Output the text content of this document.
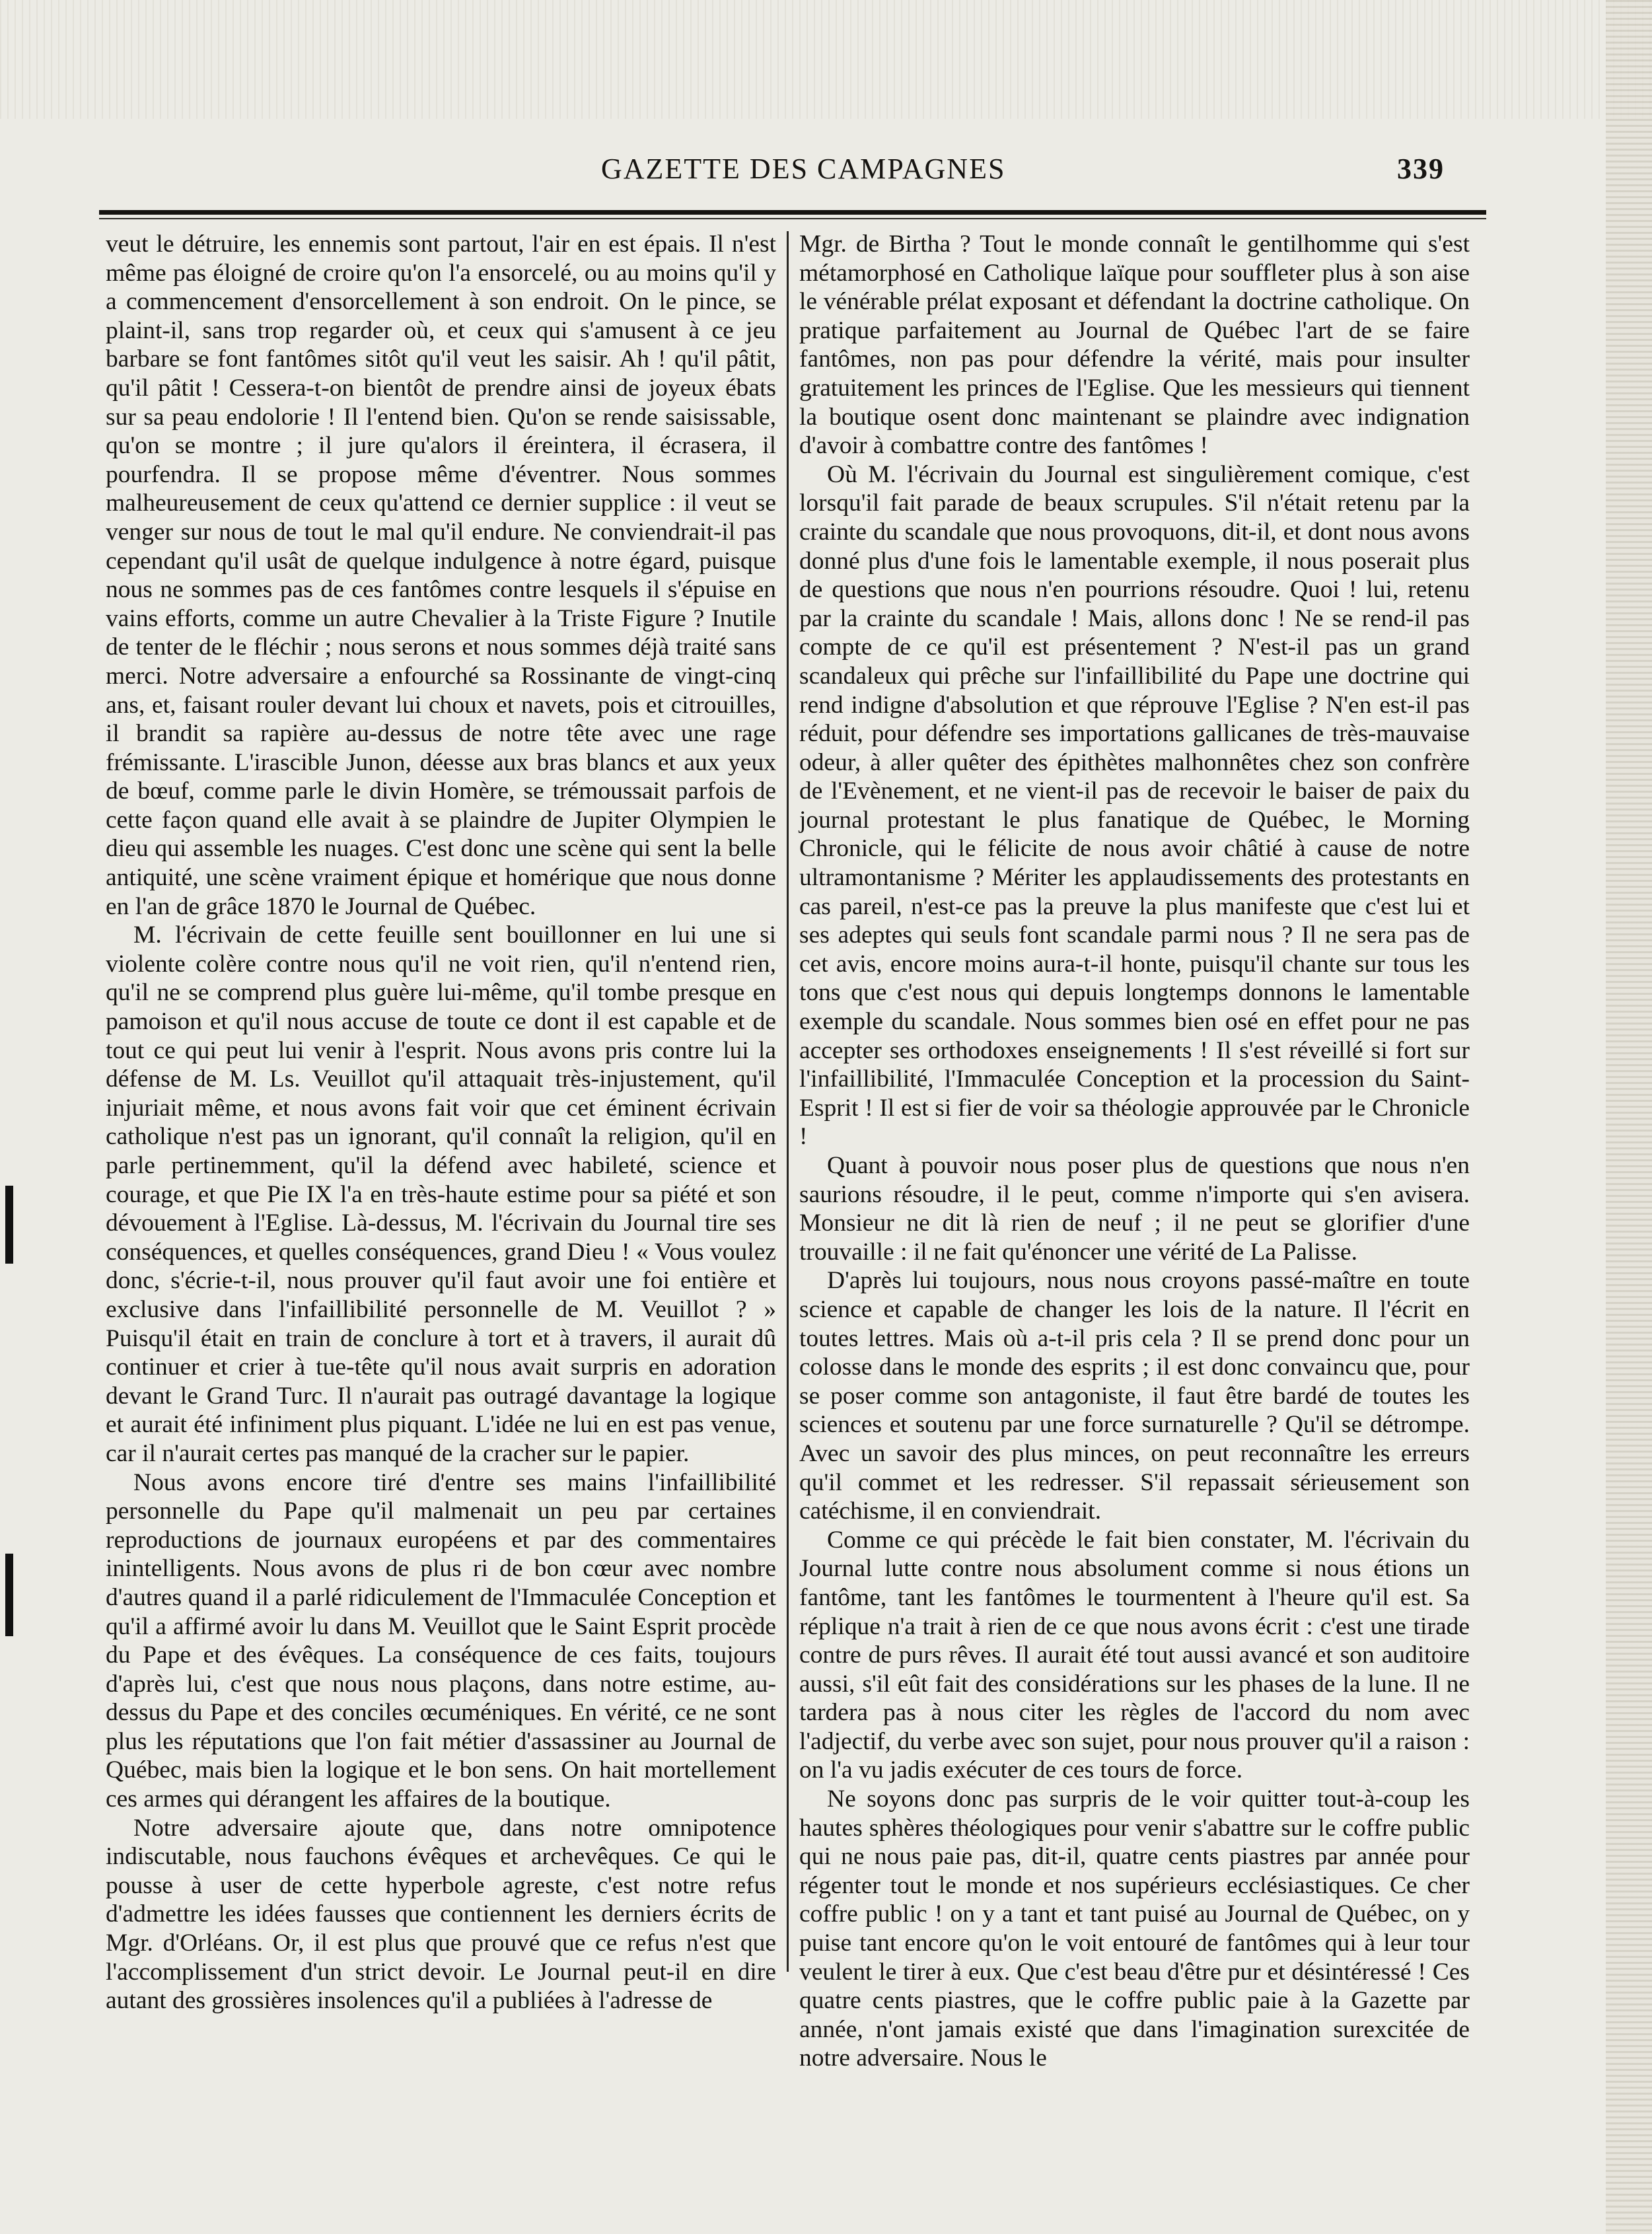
GAZETTE DES CAMPAGNES	339

veut le détruire, les ennemis sont partout, l'air en est épais. Il n'est même pas éloigné de croire qu'on l'a ensorcelé, ou au moins qu'il y a commencement d'ensorcellement à son endroit. On le pince, se plaint-il, sans trop regarder où, et ceux qui s'amusent à ce jeu barbare se font fantômes sitôt qu'il veut les saisir. Ah ! qu'il pâtit, qu'il pâtit ! Cessera-t-on bientôt de prendre ainsi de joyeux ébats sur sa peau endolorie ! Il l'entend bien. Qu'on se rende saisissable, qu'on se montre ; il jure qu'alors il éreintera, il écrasera, il pourfendra. Il se propose même d'éventrer. Nous sommes malheureusement de ceux qu'attend ce dernier supplice : il veut se venger sur nous de tout le mal qu'il endure. Ne conviendrait-il pas cependant qu'il usât de quelque indulgence à notre égard, puisque nous ne sommes pas de ces fantômes contre lesquels il s'épuise en vains efforts, comme un autre Chevalier à la Triste Figure ? Inutile de tenter de le fléchir ; nous serons et nous sommes déjà traité sans merci. Notre adversaire a enfourché sa Rossinante de vingt-cinq ans, et, faisant rouler devant lui choux et navets, pois et citrouilles, il brandit sa rapière au-dessus de notre tête avec une rage frémissante. L'irascible Junon, déesse aux bras blancs et aux yeux de bœuf, comme parle le divin Homère, se trémoussait parfois de cette façon quand elle avait à se plaindre de Jupiter Olympien le dieu qui assemble les nuages. C'est donc une scène qui sent la belle antiquité, une scène vraiment épique et homérique que nous donne en l'an de grâce 1870 le Journal de Québec.

M. l'écrivain de cette feuille sent bouillonner en lui une si violente colère contre nous qu'il ne voit rien, qu'il n'entend rien, qu'il ne se comprend plus guère lui-même, qu'il tombe presque en pamoison et qu'il nous accuse de toute ce dont il est capable et de tout ce qui peut lui venir à l'esprit. Nous avons pris contre lui la défense de M. Ls. Veuillot qu'il attaquait très-injustement, qu'il injuriait même, et nous avons fait voir que cet éminent écrivain catholique n'est pas un ignorant, qu'il connaît la religion, qu'il en parle pertinemment, qu'il la défend avec habileté, science et courage, et que Pie IX l'a en très-haute estime pour sa piété et son dévouement à l'Eglise. Là-dessus, M. l'écrivain du Journal tire ses conséquences, et quelles conséquences, grand Dieu ! « Vous voulez donc, s'écrie-t-il, nous prouver qu'il faut avoir une foi entière et exclusive dans l'infaillibilité personnelle de M. Veuillot ? » Puisqu'il était en train de conclure à tort et à travers, il aurait dû continuer et crier à tue-tête qu'il nous avait surpris en adoration devant le Grand Turc. Il n'aurait pas outragé davantage la logique et aurait été infiniment plus piquant. L'idée ne lui en est pas venue, car il n'aurait certes pas manqué de la cracher sur le papier.

Nous avons encore tiré d'entre ses mains l'infaillibilité personnelle du Pape qu'il malmenait un peu par certaines reproductions de journaux européens et par des commentaires inintelligents. Nous avons de plus ri de bon cœur avec nombre d'autres quand il a parlé ridiculement de l'Immaculée Conception et qu'il a affirmé avoir lu dans M. Veuillot que le Saint Esprit procède du Pape et des évêques. La conséquence de ces faits, toujours d'après lui, c'est que nous nous plaçons, dans notre estime, au-dessus du Pape et des conciles œcuméniques. En vérité, ce ne sont plus les réputations que l'on fait métier d'assassiner au Journal de Québec, mais bien la logique et le bon sens. On hait mortellement ces armes qui dérangent les affaires de la boutique.

Notre adversaire ajoute que, dans notre omnipotence indiscutable, nous fauchons évêques et archevêques. Ce qui le pousse à user de cette hyperbole agreste, c'est notre refus d'admettre les idées fausses que contiennent les derniers écrits de Mgr. d'Orléans. Or, il est plus que prouvé que ce refus n'est que l'accomplissement d'un strict devoir. Le Journal peut-il en dire autant des grossières insolences qu'il a publiées à l'adresse de

Mgr. de Birtha ? Tout le monde connaît le gentilhomme qui s'est métamorphosé en Catholique laïque pour souffleter plus à son aise le vénérable prélat exposant et défendant la doctrine catholique. On pratique parfaitement au Journal de Québec l'art de se faire fantômes, non pas pour défendre la vérité, mais pour insulter gratuitement les princes de l'Eglise. Que les messieurs qui tiennent la boutique osent donc maintenant se plaindre avec indignation d'avoir à combattre contre des fantômes !

Où M. l'écrivain du Journal est singulièrement comique, c'est lorsqu'il fait parade de beaux scrupules. S'il n'était retenu par la crainte du scandale que nous provoquons, dit-il, et dont nous avons donné plus d'une fois le lamentable exemple, il nous poserait plus de questions que nous n'en pourrions résoudre. Quoi ! lui, retenu par la crainte du scandale ! Mais, allons donc ! Ne se rend-il pas compte de ce qu'il est présentement ? N'est-il pas un grand scandaleux qui prêche sur l'infaillibilité du Pape une doctrine qui rend indigne d'absolution et que réprouve l'Eglise ? N'en est-il pas réduit, pour défendre ses importations gallicanes de très-mauvaise odeur, à aller quêter des épithètes malhonnêtes chez son confrère de l'Evènement, et ne vient-il pas de recevoir le baiser de paix du journal protestant le plus fanatique de Québec, le Morning Chronicle, qui le félicite de nous avoir châtié à cause de notre ultramontanisme ? Mériter les applaudissements des protestants en cas pareil, n'est-ce pas la preuve la plus manifeste que c'est lui et ses adeptes qui seuls font scandale parmi nous ? Il ne sera pas de cet avis, encore moins aura-t-il honte, puisqu'il chante sur tous les tons que c'est nous qui depuis longtemps donnons le lamentable exemple du scandale. Nous sommes bien osé en effet pour ne pas accepter ses orthodoxes enseignements ! Il s'est réveillé si fort sur l'infaillibilité, l'Immaculée Conception et la procession du Saint-Esprit ! Il est si fier de voir sa théologie approuvée par le Chronicle !

Quant à pouvoir nous poser plus de questions que nous n'en saurions résoudre, il le peut, comme n'importe qui s'en avisera. Monsieur ne dit là rien de neuf ; il ne peut se glorifier d'une trouvaille : il ne fait qu'énoncer une vérité de La Palisse.

D'après lui toujours, nous nous croyons passé-maître en toute science et capable de changer les lois de la nature. Il l'écrit en toutes lettres. Mais où a-t-il pris cela ? Il se prend donc pour un colosse dans le monde des esprits ; il est donc convaincu que, pour se poser comme son antagoniste, il faut être bardé de toutes les sciences et soutenu par une force surnaturelle ? Qu'il se détrompe. Avec un savoir des plus minces, on peut reconnaître les erreurs qu'il commet et les redresser. S'il repassait sérieusement son catéchisme, il en conviendrait.

Comme ce qui précède le fait bien constater, M. l'écrivain du Journal lutte contre nous absolument comme si nous étions un fantôme, tant les fantômes le tourmentent à l'heure qu'il est. Sa réplique n'a trait à rien de ce que nous avons écrit : c'est une tirade contre de purs rêves. Il aurait été tout aussi avancé et son auditoire aussi, s'il eût fait des considérations sur les phases de la lune. Il ne tardera pas à nous citer les règles de l'accord du nom avec l'adjectif, du verbe avec son sujet, pour nous prouver qu'il a raison : on l'a vu jadis exécuter de ces tours de force.

Ne soyons donc pas surpris de le voir quitter tout-à-coup les hautes sphères théologiques pour venir s'abattre sur le coffre public qui ne nous paie pas, dit-il, quatre cents piastres par année pour régenter tout le monde et nos supérieurs ecclésiastiques. Ce cher coffre public ! on y a tant et tant puisé au Journal de Québec, on y puise tant encore qu'on le voit entouré de fantômes qui à leur tour veulent le tirer à eux. Que c'est beau d'être pur et désintéressé ! Ces quatre cents piastres, que le coffre public paie à la Gazette par année, n'ont jamais existé que dans l'imagination surexcitée de notre adversaire. Nous le
